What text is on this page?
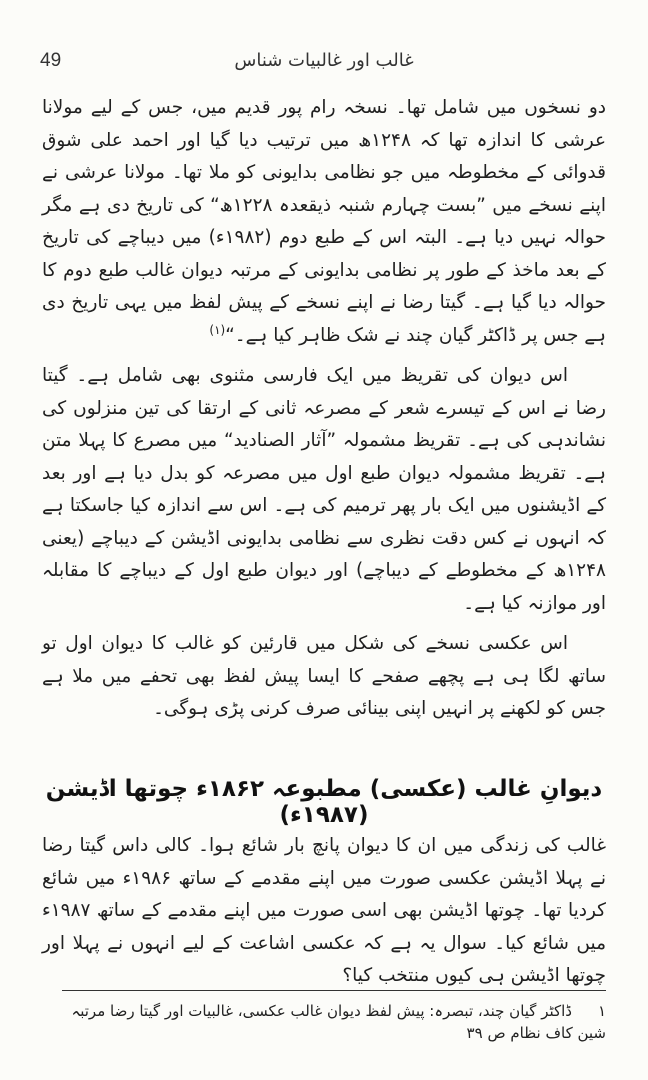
49	غالب اور غالبیات شناس

دو نسخوں میں شامل تھا۔ نسخہ رام پور قدیم میں، جس کے لیے مولانا عرشی کا اندازہ تھا کہ ۱۲۴۸ھ میں ترتیب دیا گیا اور احمد علی شوق قدوائی کے مخطوطہ میں جو نظامی بدایونی کو ملا تھا۔ مولانا عرشی نے اپنے نسخے میں ”بست چہارم شنبہ ذیقعدہ ۱۲۲۸ھ“ کی تاریخ دی ہے مگر حوالہ نہیں دیا ہے۔ البتہ اس کے طبع دوم (۱۹۸۲ء) میں دیباچے کی تاریخ کے بعد ماخذ کے طور پر نظامی بدایونی کے مرتبہ دیوان غالب طبع دوم کا حوالہ دیا گیا ہے۔ گیتا رضا نے اپنے نسخے کے پیش لفظ میں یہی تاریخ دی ہے جس پر ڈاکٹر گیان چند نے شک ظاہر کیا ہے۔“$^{(۱)}$

اس دیوان کی تقریظ میں ایک فارسی مثنوی بھی شامل ہے۔ گیتا رضا نے اس کے تیسرے شعر کے مصرعہ ثانی کے ارتقا کی تین منزلوں کی نشاندہی کی ہے۔ تقریظ مشمولہ ”آثار الصنادید“ میں مصرع کا پہلا متن ہے۔ تقریظ مشمولہ دیوان طبع اول میں مصرعہ کو بدل دیا ہے اور بعد کے اڈیشنوں میں ایک بار پھر ترمیم کی ہے۔ اس سے اندازہ کیا جاسکتا ہے کہ انہوں نے کس دقت نظری سے نظامی بدایونی اڈیشن کے دیباچے (یعنی ۱۲۴۸ھ کے مخطوطے کے دیباچے) اور دیوان طبع اول کے دیباچے کا مقابلہ اور موازنہ کیا ہے۔

اس عکسی نسخے کی شکل میں قارئین کو غالب کا دیوان اول تو ساتھ لگا ہی ہے پچھے صفحے کا ایسا پیش لفظ بھی تحفے میں ملا ہے جس کو لکھنے پر انہیں اپنی بینائی صرف کرنی پڑی ہوگی۔

دیوانِ غالب (عکسی) مطبوعہ ۱۸۶۲ء چوتھا اڈیشن (۱۹۸۷ء)

غالب کی زندگی میں ان کا دیوان پانچ بار شائع ہوا۔ کالی داس گیتا رضا نے پہلا اڈیشن عکسی صورت میں اپنے مقدمے کے ساتھ ۱۹۸۶ء میں شائع کردیا تھا۔ چوتھا اڈیشن بھی اسی صورت میں اپنے مقدمے کے ساتھ ۱۹۸۷ء میں شائع کیا۔ سوال یہ ہے کہ عکسی اشاعت کے لیے انہوں نے پہلا اور چوتھا اڈیشن ہی کیوں منتخب کیا؟

۱ڈاکٹر گیان چند، تبصرہ: پیش لفظ دیوان غالب عکسی، غالبیات اور گیتا رضا مرتبہ شین کاف نظام ص ۳۹
